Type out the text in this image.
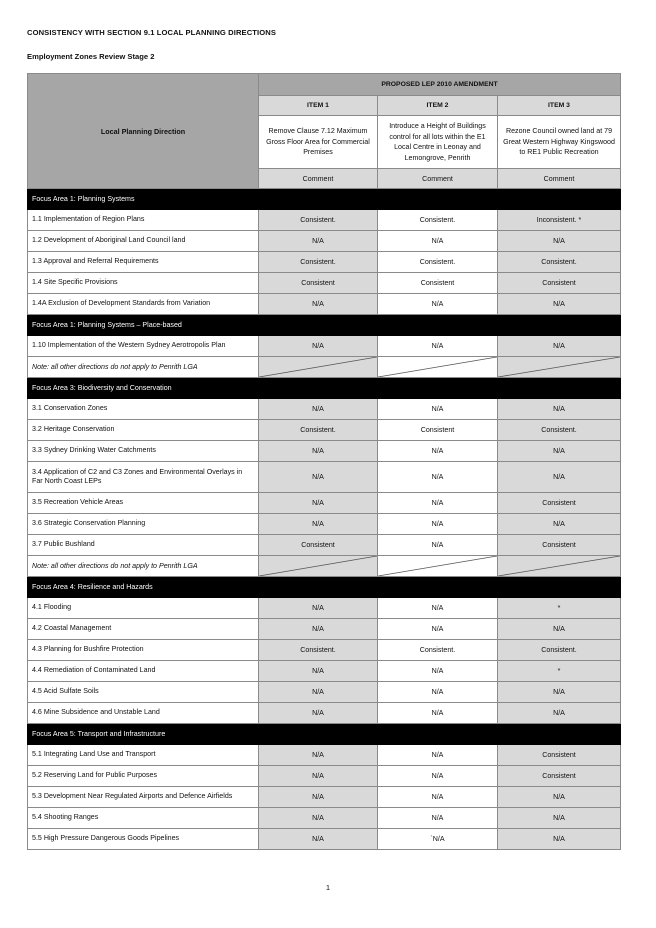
CONSISTENCY WITH SECTION 9.1 LOCAL PLANNING DIRECTIONS
Employment Zones Review Stage 2
Local Planning Direction	PROPOSED LEP 2010 AMENDMENT		
	ITEM 1	ITEM 2	ITEM 3
	Remove Clause 7.12 Maximum Gross Floor Area for Commercial Premises	Introduce a Height of Buildings control for all lots within the E1 Local Centre in Leonay and Lemongrove, Penrith	Rezone Council owned land at 79 Great Western Highway Kingswood to RE1 Public Recreation
	Comment	Comment	Comment
Focus Area 1: Planning Systems			
1.1 Implementation of Region Plans	Consistent.	Consistent.	Inconsistent. *
1.2 Development of Aboriginal Land Council land	N/A	N/A	N/A
1.3 Approval and Referral Requirements	Consistent.	Consistent.	Consistent.
1.4 Site Specific Provisions	Consistent	Consistent	Consistent
1.4A Exclusion of Development Standards from Variation	N/A	N/A	N/A
Focus Area 1: Planning Systems – Place-based			
1.10 Implementation of the Western Sydney Aerotropolis Plan	N/A	N/A	N/A
Note: all other directions do not apply to Penrith LGA	

Focus Area 3: Biodiversity and Conservation			
3.1 Conservation Zones	N/A	N/A	N/A
3.2 Heritage Conservation	Consistent.	Consistent	Consistent.
3.3 Sydney Drinking Water Catchments	N/A	N/A	N/A
3.4 Application of C2 and C3 Zones and Environmental Overlays in Far North Coast LEPs	N/A	N/A	N/A
3.5 Recreation Vehicle Areas	N/A	N/A	Consistent
3.6 Strategic Conservation Planning	N/A	N/A	N/A
3.7 Public Bushland	Consistent	N/A	Consistent
Note: all other directions do not apply to Penrith LGA	

Focus Area 4: Resilience and Hazards			
4.1 Flooding	N/A	N/A	*
4.2 Coastal Management	N/A	N/A	N/A
4.3 Planning for Bushfire Protection	Consistent.	Consistent.	Consistent.
4.4 Remediation of Contaminated Land	N/A	N/A	*
4.5 Acid Sulfate Soils	N/A	N/A	N/A
4.6 Mine Subsidence and Unstable Land	N/A	N/A	N/A
Focus Area 5: Transport and Infrastructure			
5.1 Integrating Land Use and Transport	N/A	N/A	Consistent
5.2 Reserving Land for Public Purposes	N/A	N/A	Consistent
5.3 Development Near Regulated Airports and Defence Airfields	N/A	N/A	N/A
5.4 Shooting Ranges	N/A	N/A	N/A
5.5 High Pressure Dangerous Goods Pipelines	N/A	`N/A	N/A
1
